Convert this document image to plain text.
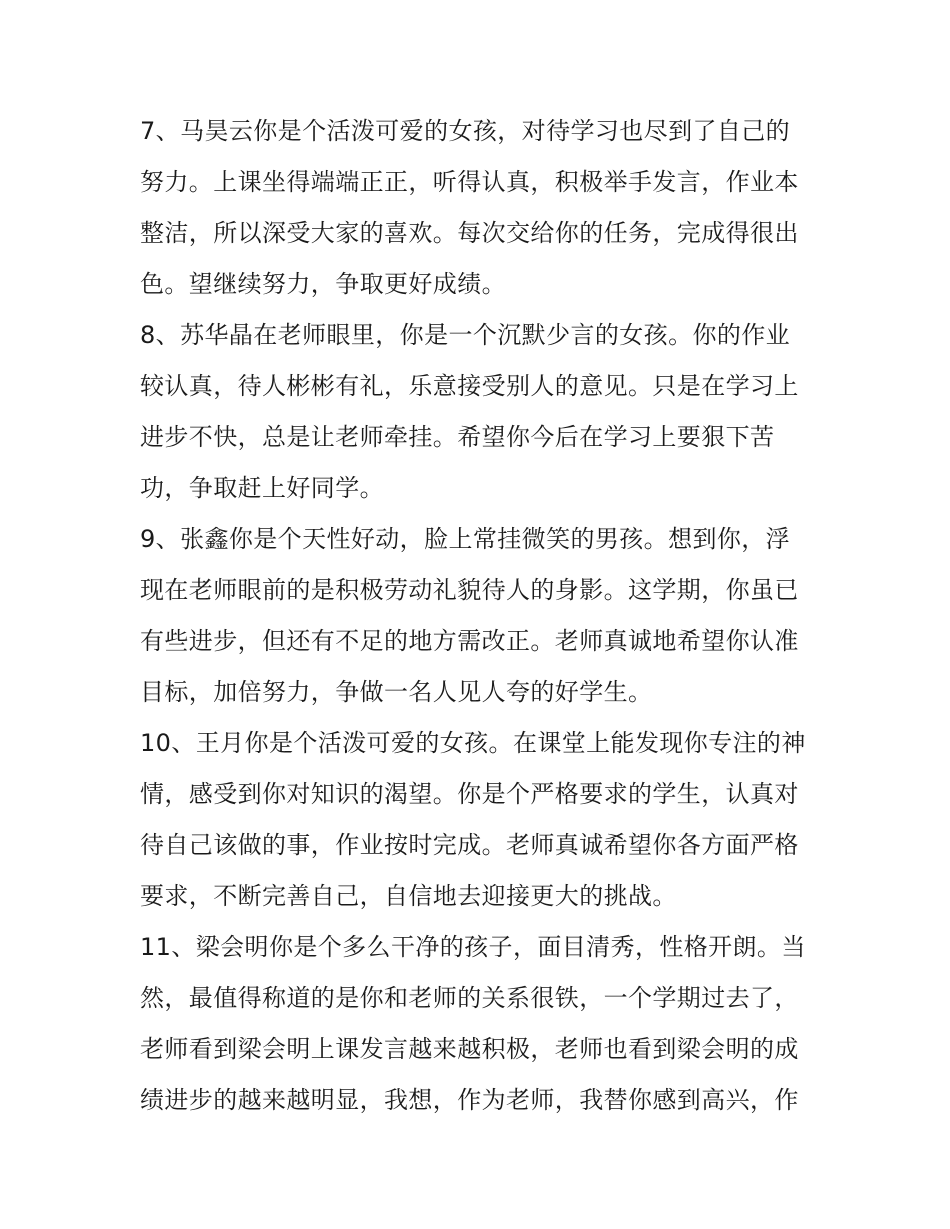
7、马昊云你是个活泼可爱的女孩，对待学习也尽到了自己的
努力。上课坐得端端正正，听得认真，积极举手发言，作业本
整洁，所以深受大家的喜欢。每次交给你的任务，完成得很出
色。望继续努力，争取更好成绩。
8、苏华晶在老师眼里，你是一个沉默少言的女孩。你的作业
较认真，待人彬彬有礼，乐意接受别人的意见。只是在学习上
进步不快，总是让老师牵挂。希望你今后在学习上要狠下苦
功，争取赶上好同学。
9、张鑫你是个天性好动，脸上常挂微笑的男孩。想到你，浮
现在老师眼前的是积极劳动礼貌待人的身影。这学期，你虽已
有些进步，但还有不足的地方需改正。老师真诚地希望你认准
目标，加倍努力，争做一名人见人夸的好学生。
10、王月你是个活泼可爱的女孩。在课堂上能发现你专注的神
情，感受到你对知识的渴望。你是个严格要求的学生，认真对
待自己该做的事，作业按时完成。老师真诚希望你各方面严格
要求，不断完善自己，自信地去迎接更大的挑战。
11、梁会明你是个多么干净的孩子，面目清秀，性格开朗。当
然，最值得称道的是你和老师的关系很铁，一个学期过去了，
老师看到梁会明上课发言越来越积极，老师也看到梁会明的成
绩进步的越来越明显，我想，作为老师，我替你感到高兴，作
